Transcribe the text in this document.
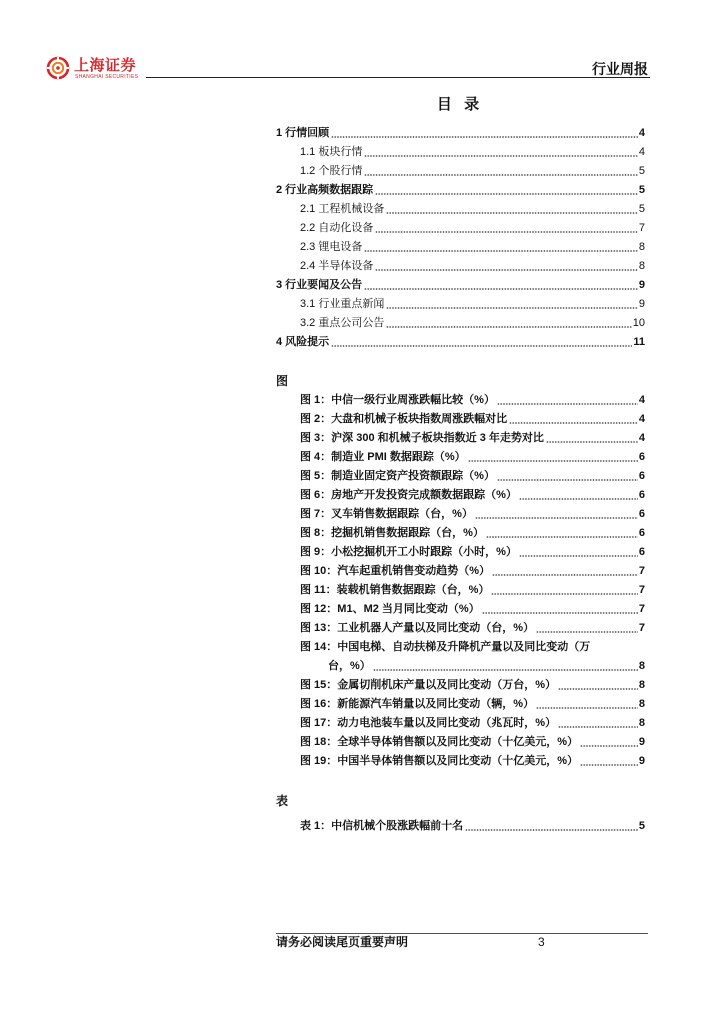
上海证券
SHANGHAI SECURITIES	行业周报
目 录
图
表
请务必阅读尾页重要声明	3
1 行情回顾	4
1.1 板块行情	4
1.2 个股行情	5
2 行业高频数据跟踪	5
2.1 工程机械设备	5
2.2 自动化设备	7
2.3 锂电设备	8
2.4 半导体设备	8
3 行业要闻及公告	9
3.1 行业重点新闻	9
3.2 重点公司公告	10
4 风险提示	11
图 1：中信一级行业周涨跌幅比较（%）	4
图 2：大盘和机械子板块指数周涨跌幅对比	4
图 3：沪深 300 和机械子板块指数近 3 年走势对比	4
图 4：制造业 PMI 数据跟踪（%）	6
图 5：制造业固定资产投资额跟踪（%）	6
图 6：房地产开发投资完成额数据跟踪（%）	6
图 7：叉车销售数据跟踪（台，%）	6
图 8：挖掘机销售数据跟踪（台，%）	6
图 9：小松挖掘机开工小时跟踪（小时，%）	6
图 10：汽车起重机销售变动趋势（%）	7
图 11：装载机销售数据跟踪（台，%）	7
图 12：M1、M2 当月同比变动（%）	7
图 13：工业机器人产量以及同比变动（台，%）	7
图 14：中国电梯、自动扶梯及升降机产量以及同比变动（万
台，%）	8
图 15：金属切削机床产量以及同比变动（万台，%）	8
图 16：新能源汽车销量以及同比变动（辆，%）	8
图 17：动力电池装车量以及同比变动（兆瓦时，%）	8
图 18：全球半导体销售额以及同比变动（十亿美元，%）	9
图 19：中国半导体销售额以及同比变动（十亿美元，%）	9
表 1：中信机械个股涨跌幅前十名	5
